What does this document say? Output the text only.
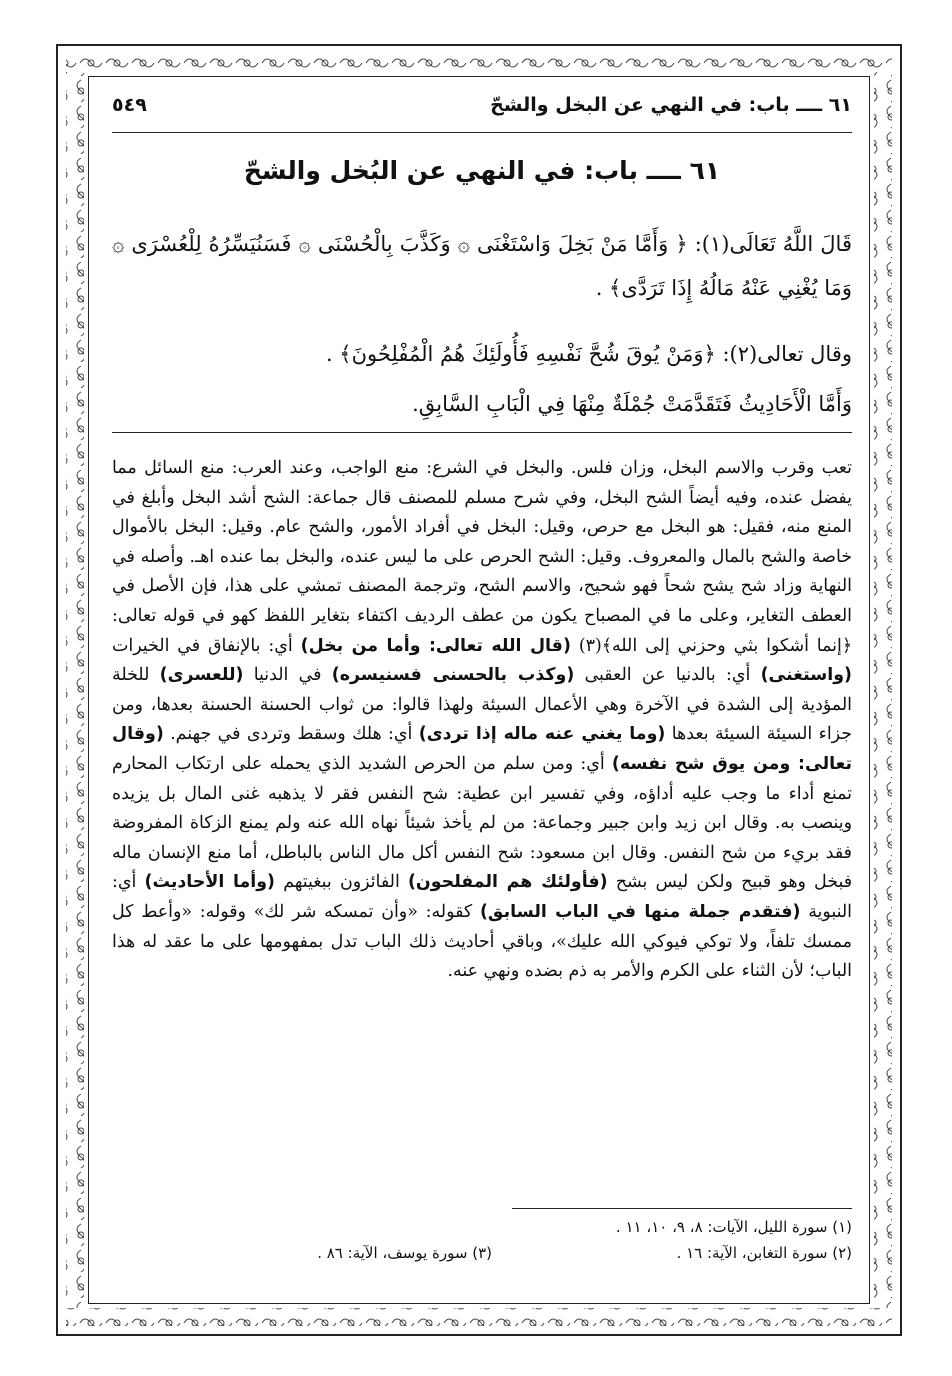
٦١ ــــ باب: في النهي عن البخل والشحّ
٥٤٩
٦١ ــــ باب: في النهي عن البُخل والشحّ
قَالَ اللَّهُ تَعَالَى(١): ﴿ وَأَمَّا مَنْ بَخِلَ وَاسْتَغْنَى ۞ وَكَذَّبَ بِالْحُسْنَى ۞ فَسَنُيَسِّرُهُ لِلْعُسْرَى ۞ وَمَا يُغْنِي عَنْهُ مَالُهُ إِذَا تَرَدَّى﴾ .
وقال تعالى(٢): ﴿وَمَنْ يُوقَ شُحَّ نَفْسِهِ فَأُولَئِكَ هُمُ الْمُفْلِحُونَ﴾ .
وَأَمَّا الْأَحَادِيثُ فَتَقَدَّمَتْ جُمْلَةٌ مِنْهَا فِي الْبَابِ السَّابِقِ.
تعب وقرب والاسم البخل، وزان فلس. والبخل في الشرع: منع الواجب، وعند العرب: منع السائل مما يفضل عنده، وفيه أيضاً الشح البخل، وفي شرح مسلم للمصنف قال جماعة: الشح أشد البخل وأبلغ في المنع منه، فقيل: هو البخل مع حرص، وقيل: البخل في أفراد الأمور، والشح عام. وقيل: البخل بالأموال خاصة والشح بالمال والمعروف. وقيل: الشح الحرص على ما ليس عنده، والبخل بما عنده اهـ. وأصله في النهاية وزاد شح يشح شحاً فهو شحيح، والاسم الشح، وترجمة المصنف تمشي على هذا، فإن الأصل في العطف التغاير، وعلى ما في المصباح يكون من عطف الرديف اكتفاء بتغاير اللفظ كهو في قوله تعالى: ﴿إنما أشكوا بثي وحزني إلى الله﴾(٣) (قال الله تعالى: وأما من بخل) أي: بالإنفاق في الخيرات (واستغنى) أي: بالدنيا عن العقبى (وكذب بالحسنى فسنيسره) في الدنيا (للعسرى) للخلة المؤدية إلى الشدة في الآخرة وهي الأعمال السيئة ولهذا قالوا: من ثواب الحسنة الحسنة بعدها، ومن جزاء السيئة السيئة بعدها (وما يغني عنه ماله إذا تردى) أي: هلك وسقط وتردى في جهنم. (وقال تعالى: ومن يوق شح نفسه) أي: ومن سلم من الحرص الشديد الذي يحمله على ارتكاب المحارم تمنع أداء ما وجب عليه أداؤه، وفي تفسير ابن عطية: شح النفس فقر لا يذهبه غنى المال بل يزيده وينصب به. وقال ابن زيد وابن جبير وجماعة: من لم يأخذ شيئاً نهاه الله عنه ولم يمنع الزكاة المفروضة فقد بريء من شح النفس. وقال ابن مسعود: شح النفس أكل مال الناس بالباطل، أما منع الإنسان ماله فبخل وهو قبيح ولكن ليس بشح (فأولئك هم المفلحون) الفائزون ببغيتهم (وأما الأحاديث) أي: النبوية (فتقدم جملة منها في الباب السابق) كقوله: «وأن تمسكه شر لك» وقوله: «وأعط كل ممسك تلفاً، ولا توكي فيوكي الله عليك»، وباقي أحاديث ذلك الباب تدل بمفهومها على ما عقد له هذا الباب؛ لأن الثناء على الكرم والأمر به ذم بضده ونهي عنه.
(١) سورة الليل، الآيات: ٨، ٩، ١٠، ١١ .
(٢) سورة التغابن، الآية: ١٦ .
(٣) سورة يوسف، الآية: ٨٦ .
